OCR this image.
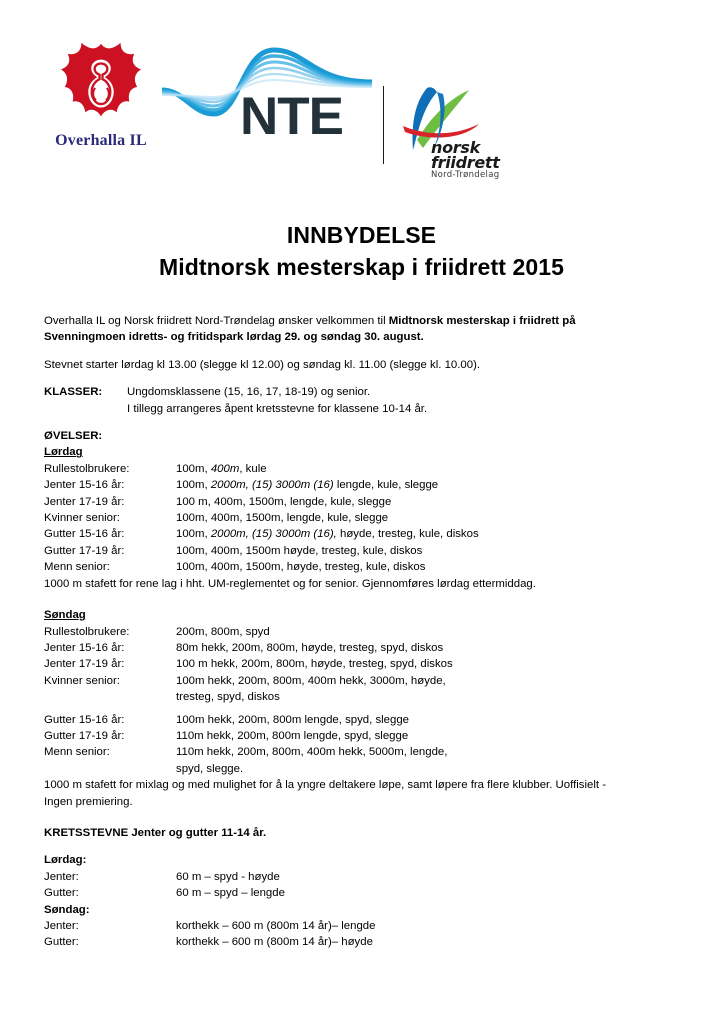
Overhalla IL	NTE
norsk
friidrett
Nord-Trøndelag
INNBYDELSE
Midtnorsk mesterskap i friidrett 2015

Overhalla IL og Norsk friidrett Nord-Trøndelag ønsker velkommen til Midtnorsk mesterskap i friidrett på

Svenningmoen idretts- og fritidspark lørdag 29. og søndag 30. august.

Stevnet starter lørdag kl 13.00 (slegge kl 12.00) og søndag kl. 11.00 (slegge kl. 10.00).

KLASSER:	Ungdomsklassene (15, 16, 17, 18-19) og senior.
I tillegg arrangeres åpent kretsstevne for klassene 10-14 år.

ØVELSER:

Lørdag

Rullestolbrukere:	100m, 400m, kule
Jenter 15-16 år:	100m, 2000m, (15) 3000m (16) lengde, kule, slegge
Jenter 17-19 år:	100 m, 400m, 1500m, lengde, kule, slegge
Kvinner senior:	100m, 400m, 1500m, lengde, kule, slegge
Gutter 15-16 år:	100m, 2000m, (15) 3000m (16), høyde, tresteg, kule, diskos
Gutter 17-19 år:	100m, 400m, 1500m høyde, tresteg, kule, diskos
Menn senior:	100m, 400m, 1500m, høyde, tresteg, kule, diskos

1000 m stafett for rene lag i hht. UM-reglementet og for senior. Gjennomføres lørdag ettermiddag.

Søndag

Rullestolbrukere:	200m, 800m, spyd
Jenter 15-16 år:	80m hekk, 200m, 800m, høyde, tresteg, spyd, diskos
Jenter 17-19 år:	100 m hekk, 200m, 800m, høyde, tresteg, spyd, diskos
Kvinner senior:	100m hekk, 200m, 800m, 400m hekk, 3000m, høyde,

tresteg, spyd, diskos

Gutter 15-16 år:	100m hekk, 200m, 800m lengde, spyd, slegge
Gutter 17-19 år:	110m hekk, 200m, 800m lengde, spyd, slegge
Menn senior:	110m hekk, 200m, 800m, 400m hekk, 5000m, lengde,

spyd, slegge.

1000 m stafett for mixlag og med mulighet for å la yngre deltakere løpe, samt løpere fra flere klubber. Uoffisielt -

Ingen premiering.

KRETSSTEVNE Jenter og gutter 11-14 år.

Lørdag:

Jenter:	60 m – spyd - høyde
Gutter:	60 m – spyd – lengde

Søndag:

Jenter:	korthekk – 600 m (800m 14 år)– lengde
Gutter:	korthekk – 600 m (800m 14 år)– høyde
